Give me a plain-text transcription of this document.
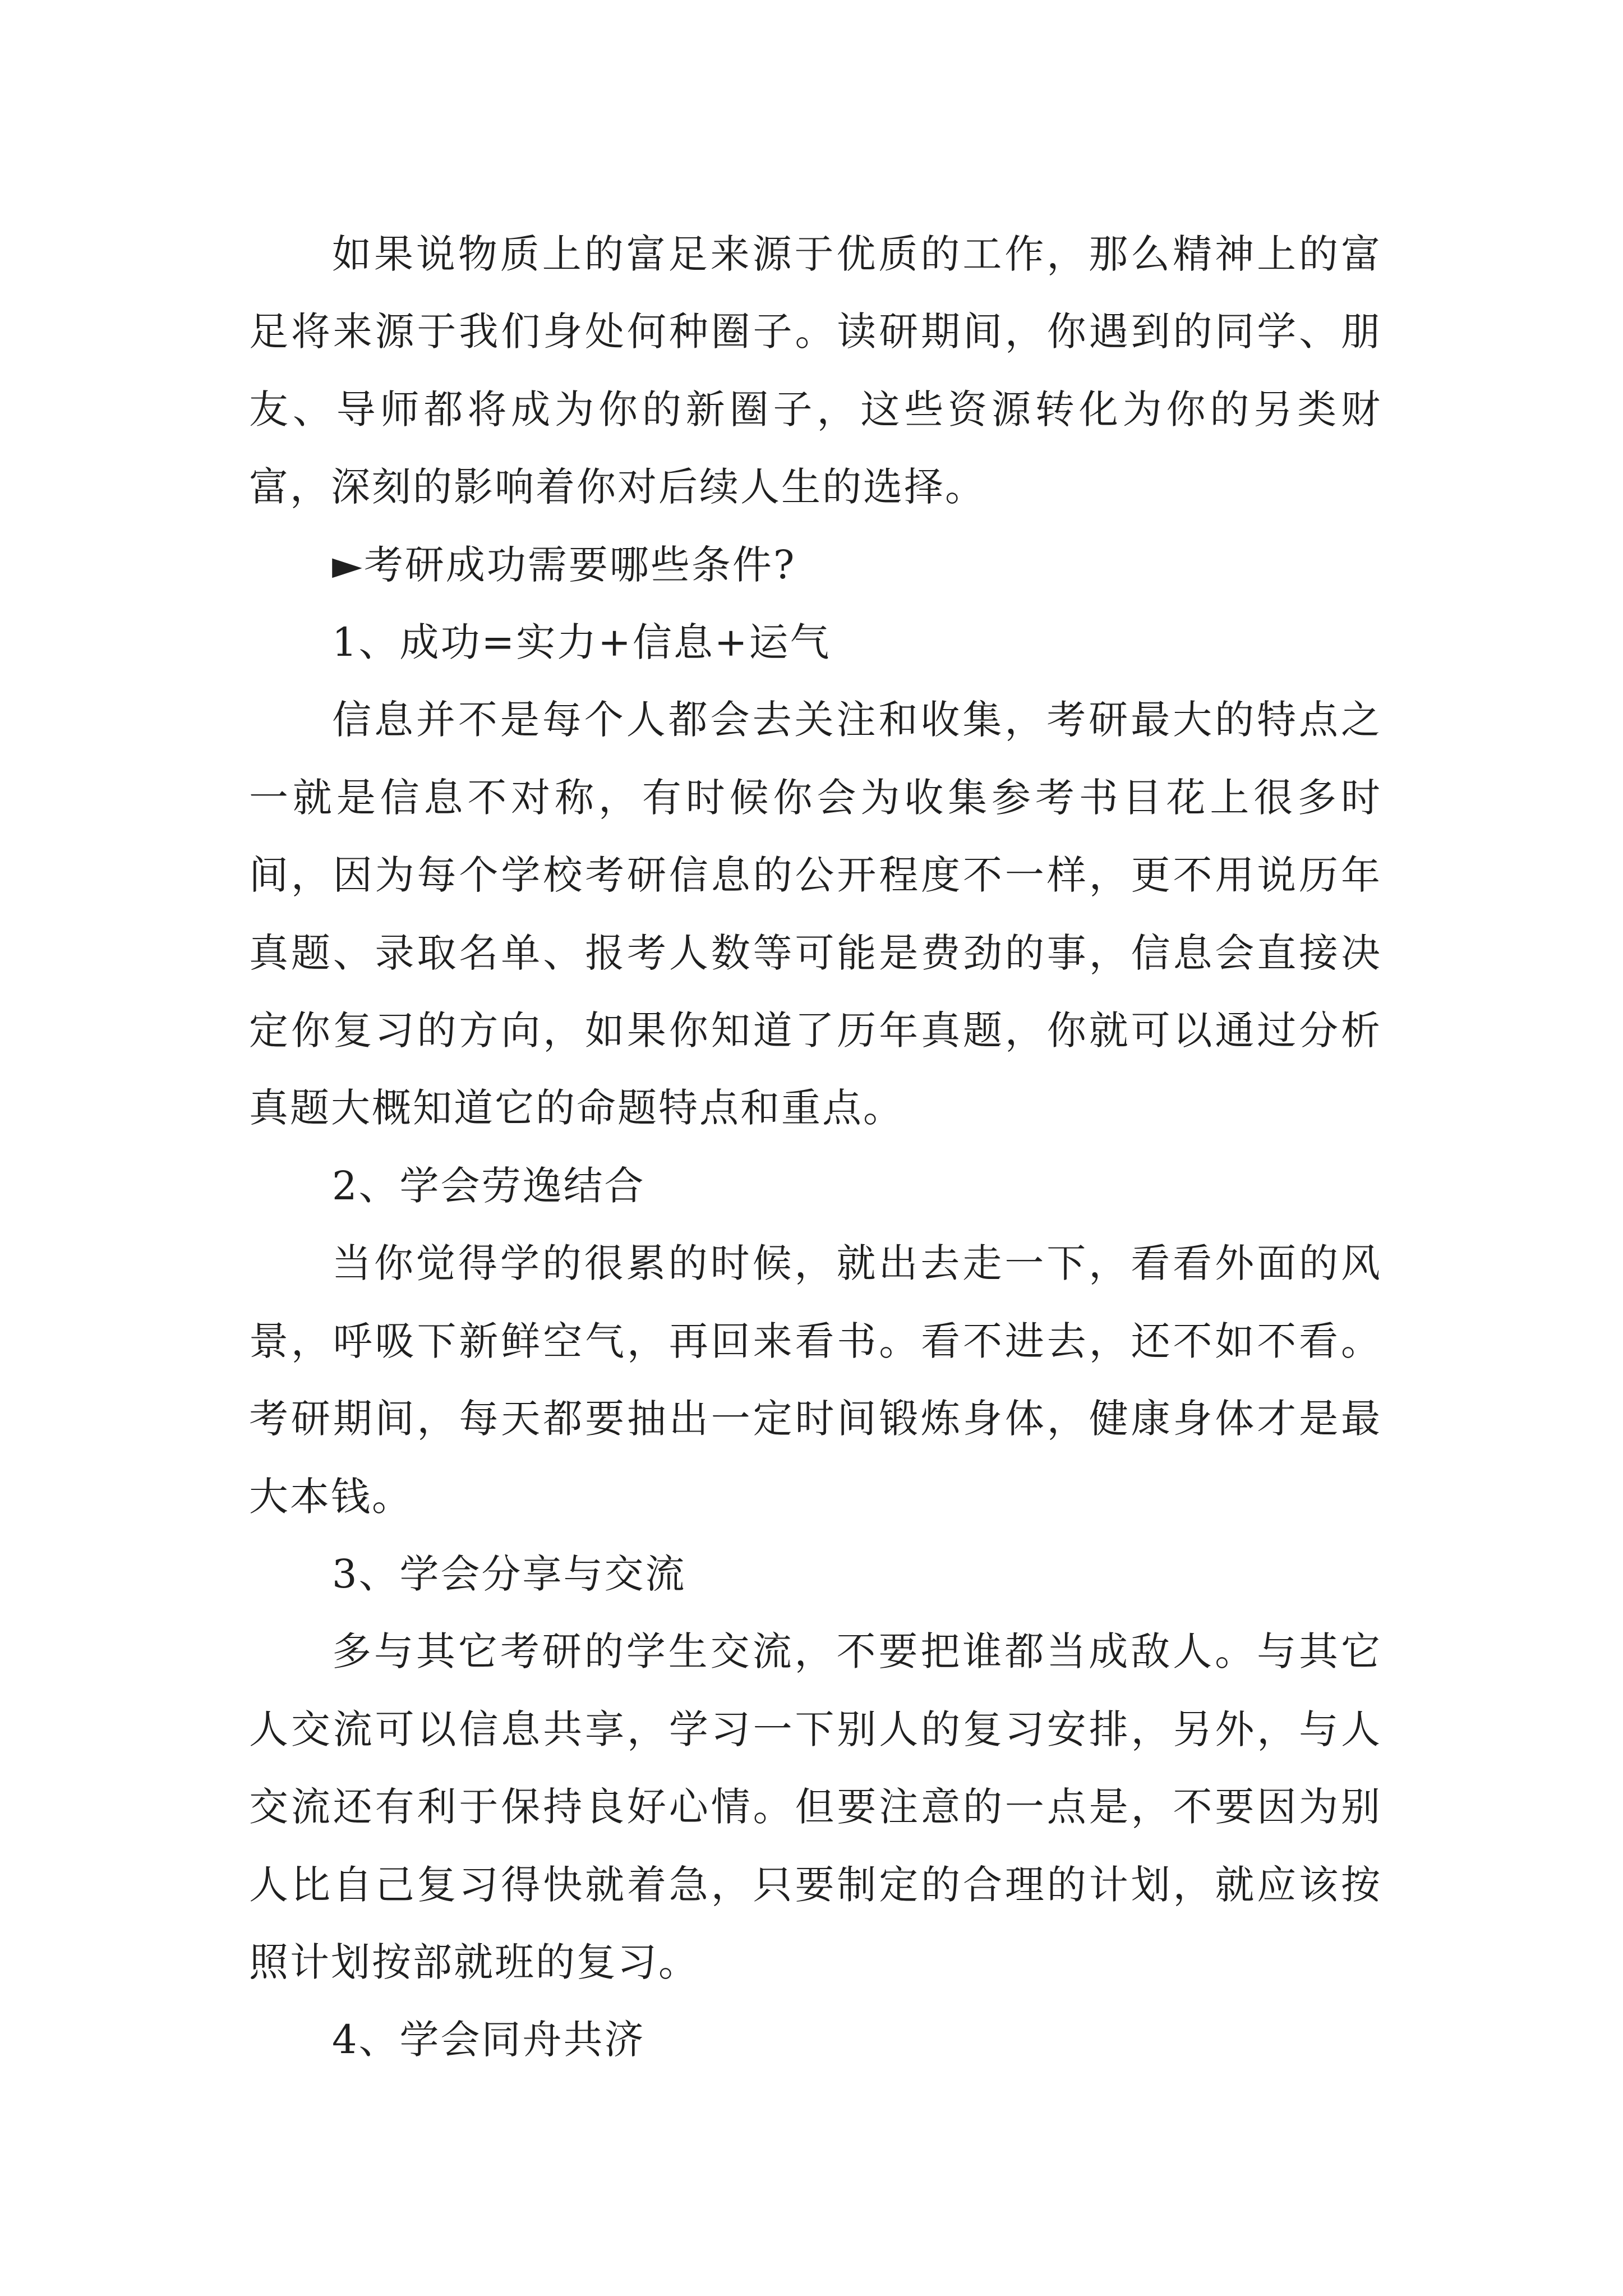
如果说物质上的富足来源于优质的工作，那么精神上的富足将来源于我们身处何种圈子。读研期间，你遇到的同学、朋友、导师都将成为你的新圈子，这些资源转化为你的另类财富，深刻的影响着你对后续人生的选择。

►考研成功需要哪些条件?

1、成功=实力+信息+运气

信息并不是每个人都会去关注和收集，考研最大的特点之一就是信息不对称，有时候你会为收集参考书目花上很多时间，因为每个学校考研信息的公开程度不一样，更不用说历年真题、录取名单、报考人数等可能是费劲的事，信息会直接决定你复习的方向，如果你知道了历年真题，你就可以通过分析真题大概知道它的命题特点和重点。

2、学会劳逸结合

当你觉得学的很累的时候，就出去走一下，看看外面的风景，呼吸下新鲜空气，再回来看书。看不进去，还不如不看。考研期间，每天都要抽出一定时间锻炼身体，健康身体才是最大本钱。

3、学会分享与交流

多与其它考研的学生交流，不要把谁都当成敌人。与其它人交流可以信息共享，学习一下别人的复习安排，另外，与人交流还有利于保持良好心情。但要注意的一点是，不要因为别人比自己复习得快就着急，只要制定的合理的计划，就应该按照计划按部就班的复习。

4、学会同舟共济
